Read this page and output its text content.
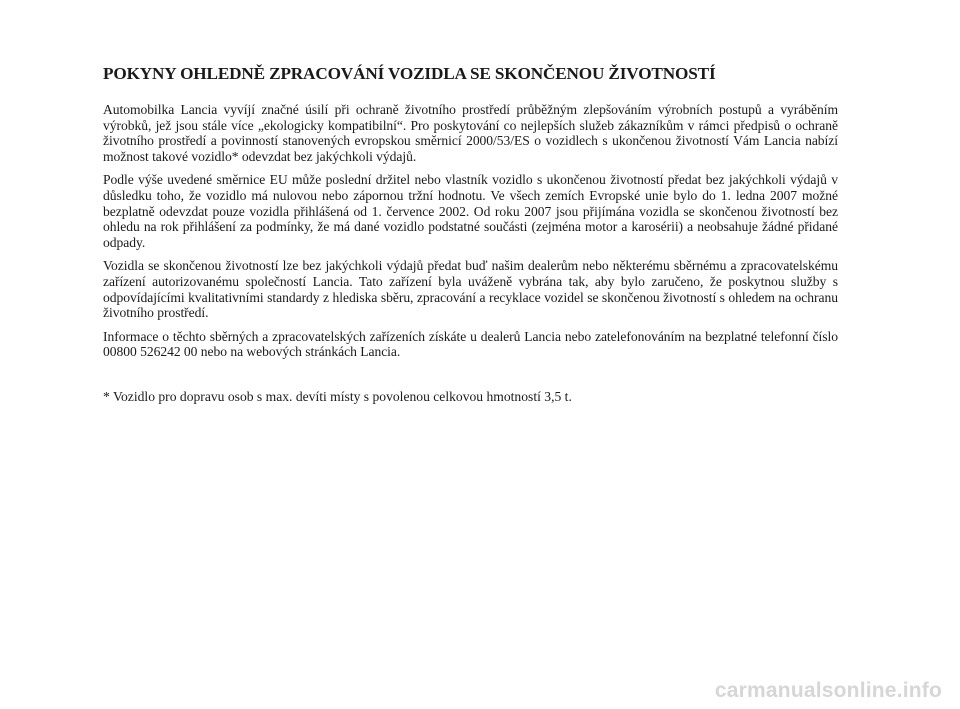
POKYNY OHLEDNĚ ZPRACOVÁNÍ VOZIDLA SE SKONČENOU ŽIVOTNOSTÍ

Automobilka Lancia vyvíjí značné úsilí při ochraně životního prostředí průběžným zlepšováním výrobních postupů a vyráběním výrobků, jež jsou stále více „ekologicky kompatibilní“. Pro poskytování co nejlepších služeb zákazníkům v rámci předpisů o ochraně životního prostředí a povinností stanovených evropskou směrnicí 2000/53/ES o vozidlech s ukončenou životností Vám Lancia nabízí možnost takové vozidlo* odevzdat bez jakýchkoli výdajů.

Podle výše uvedené směrnice EU může poslední držitel nebo vlastník vozidlo s ukončenou životností předat bez jakýchkoli výdajů v důsledku toho, že vozidlo má nulovou nebo zápornou tržní hodnotu. Ve všech zemích Evropské unie bylo do 1. ledna 2007 možné bezplatně odevzdat pouze vozidla přihlášená od 1. července 2002. Od roku 2007 jsou přijímána vozidla se skončenou životností bez ohledu na rok přihlášení za podmínky, že má dané vozidlo podstatné součásti (zejména motor a karosérii) a neobsahuje žádné přidané odpady.

Vozidla se skončenou životností lze bez jakýchkoli výdajů předat buď našim dealerům nebo některému sběrnému a zpracovatelskému zařízení autorizovanému společností Lancia. Tato zařízení byla uváženě vybrána tak, aby bylo zaručeno, že poskytnou služby s odpovídajícími kvalitativními standardy z hlediska sběru, zpracování a recyklace vozidel se skončenou životností s ohledem na ochranu životního prostředí.

Informace o těchto sběrných a zpracovatelských zařízeních získáte u dealerů Lancia nebo zatelefonováním na bezplatné telefonní číslo 00800 526242 00 nebo na webových stránkách Lancia.

* Vozidlo pro dopravu osob s max. devíti místy s povolenou celkovou hmotností 3,5 t.

carmanualsonline.info
